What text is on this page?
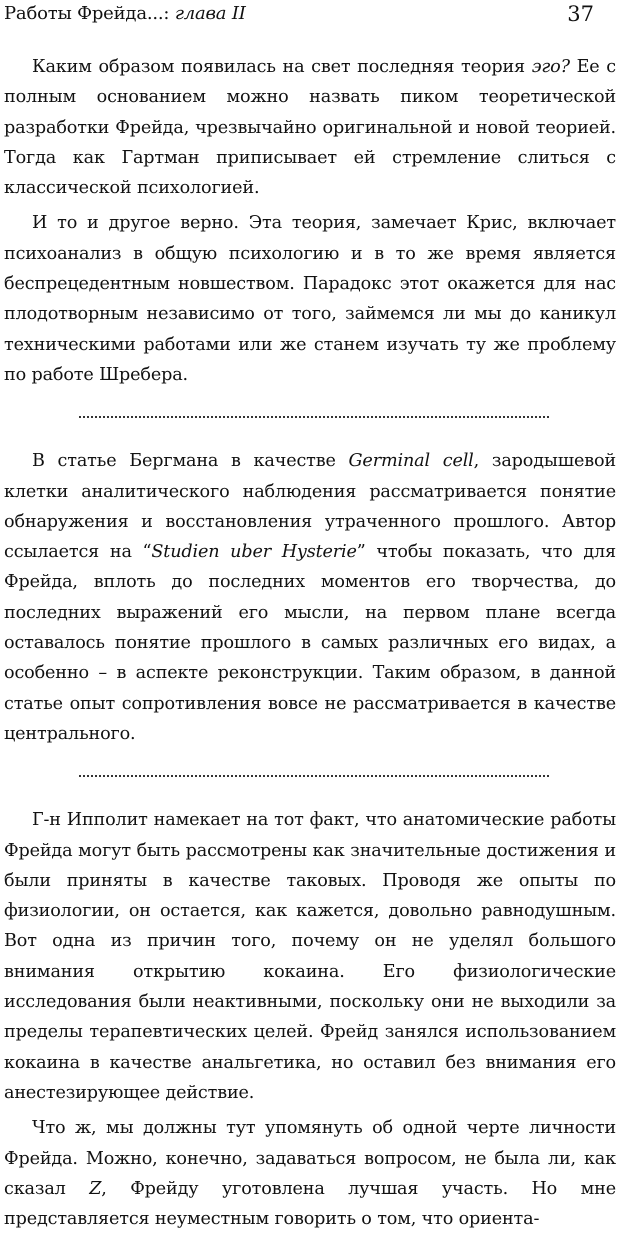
Работы Фрейда...: глава II	37

Каким образом появилась на свет последняя теория эго? Ее с полным основанием можно назвать пиком теоретической разработки Фрейда, чрезвычайно оригинальной и новой теорией. Тогда как Гартман приписывает ей стремление слиться с классической психологией.

И то и другое верно. Эта теория, замечает Крис, включает психоанализ в общую психологию и в то же время является беспрецедентным новшеством. Парадокс этот окажется для нас плодотворным независимо от того, займемся ли мы до каникул техническими работами или же станем изучать ту же проблему по работе Шребера.

В статье Бергмана в качестве Germinal cell, зародышевой клетки аналитического наблюдения рассматривается понятие обнаружения и восстановления утраченного прошлого. Автор ссылается на “Studien иber Hysterie” чтобы показать, что для Фрейда, вплоть до последних моментов его творчества, до последних выражений его мысли, на первом плане всегда оставалось понятие прошлого в самых различных его видах, а особенно – в аспекте реконструкции. Таким образом, в данной статье опыт сопротивления вовсе не рассматривается в качестве центрального.

Г-н Ипполит намекает на тот факт, что анатомические работы Фрейда могут быть рассмотрены как значительные достижения и были приняты в качестве таковых. Проводя же опыты по физиологии, он остается, как кажется, довольно равнодушным. Вот одна из причин того, почему он не уделял большого внимания открытию кокаина. Его физиологические исследования были неактивными, поскольку они не выходили за пределы терапевтических целей. Фрейд занялся использованием кокаина в качестве анальгетика, но оставил без внимания его анестезирующее действие.

Что ж, мы должны тут упомянуть об одной черте личности Фрейда. Можно, конечно, задаваться вопросом, не была ли, как сказал Z, Фрейду уготовлена лучшая участь. Но мне представляется неуместным говорить о том, что ориента-
